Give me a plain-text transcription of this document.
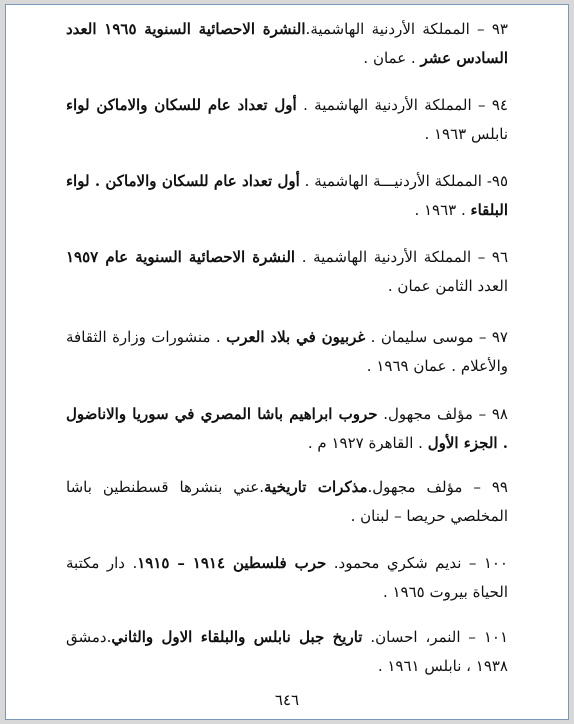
٩٣ – المملكة الأردنية الهاشمية.النشرة الاحصائية السنوية ١٩٦٥ العدد السادس عشر . عمان .
٩٤ – المملكة الأردنية الهاشمية . أول تعداد عام للسكان والاماكن لواء نابلس ١٩٦٣ .
٩٥- المملكة الأردنيـــة الهاشمية . أول تعداد عام للسكان والاماكن . لواء البلقاء . ١٩٦٣ .
٩٦ – المملكة الأردنية الهاشمية . النشرة الاحصائية السنوية عام ١٩٥٧ العدد الثامن عمان .
٩٧ – موسى سليمان . غربيون في بلاد العرب . منشورات وزارة الثقافة والأعلام . عمان ١٩٦٩ .
٩٨ – مؤلف مجهول. حروب ابراهيم باشا المصري في سوريا والاناضول . الجزء الأول . القاهرة ١٩٢٧ م .
٩٩ – مؤلف مجهول.مذكرات تاريخية.عني بنشرها قسطنطين باشا المخلصي حريصا – لبنان .
١٠٠ – نديم شكري محمود. حرب فلسطين ١٩١٤ – ١٩١٥. دار مكتبة الحياة بيروت ١٩٦٥ .
١٠١ – النمر، احسان. تاريخ جبل نابلس والبلقاء الاول والثاني.دمشق ١٩٣٨ ، نابلس ١٩٦١ .
٦٤٦
